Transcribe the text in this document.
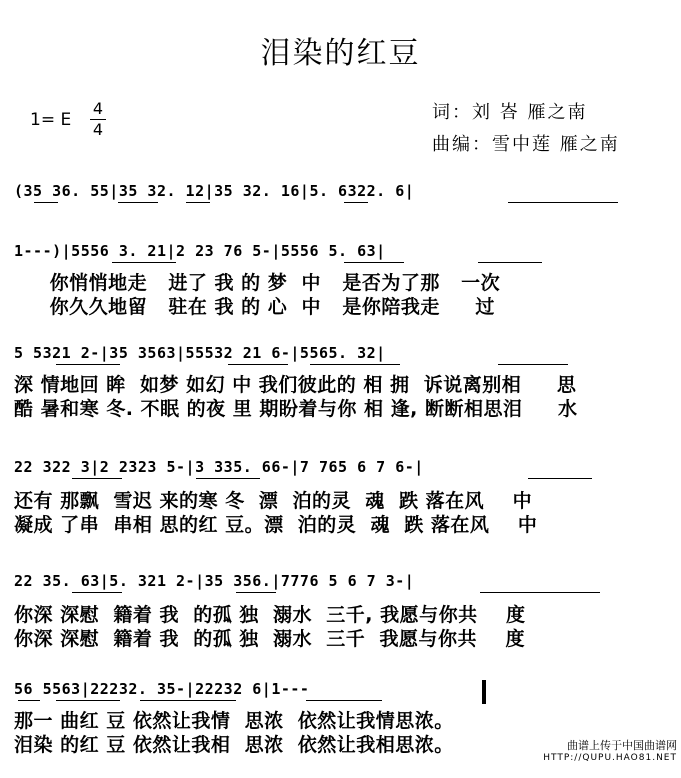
泪染的红豆
1= E
4
4
词：刘 峇 雁之南
曲编：雪中莲 雁之南
(35 36. 55|35 32. 12|35 32. 16|5. 6322. 6|
1---)|5556 3. 21|2 23 76 5-|5556 5. 63|
你悄悄地走   进了 我 的 梦  中   是否为了那   一次
你久久地留   驻在 我 的 心  中   是你陪我走     过
5 5321 2-|35 3563|55532 21 6-|5565. 32|
深 情地回 眸  如梦 如幻 中 我们彼此的 相 拥  诉说离别相     思
酷 暑和寒 冬. 不眠 的夜 里 期盼着与你 相 逢, 断断相思泪     水
22 322 3|2 2323 5-|3 335. 66-|7 765 6 7 6-|
还有 那飘  雪迟 来的寒 冬  漂  泊的灵  魂  跌 落在风    中
凝成 了串  串相 思的红 豆。漂  泊的灵  魂  跌 落在风    中
22 35. 63|5. 321 2-|35 356.|7776 5 6 7 3-|
你深 深慰  籍着 我  的孤 独  溺水  三千, 我愿与你共    度
你深 深慰  籍着 我  的孤 独  溺水  三千  我愿与你共    度
56 5563|22232. 35-|22232 6|1---
那一 曲红 豆 依然让我情  思浓  依然让我情思浓。
泪染 的红 豆 依然让我相  思浓  依然让我相思浓。	曲谱上传于中国曲谱网
HTTP://QUPU.HAO81.NET
